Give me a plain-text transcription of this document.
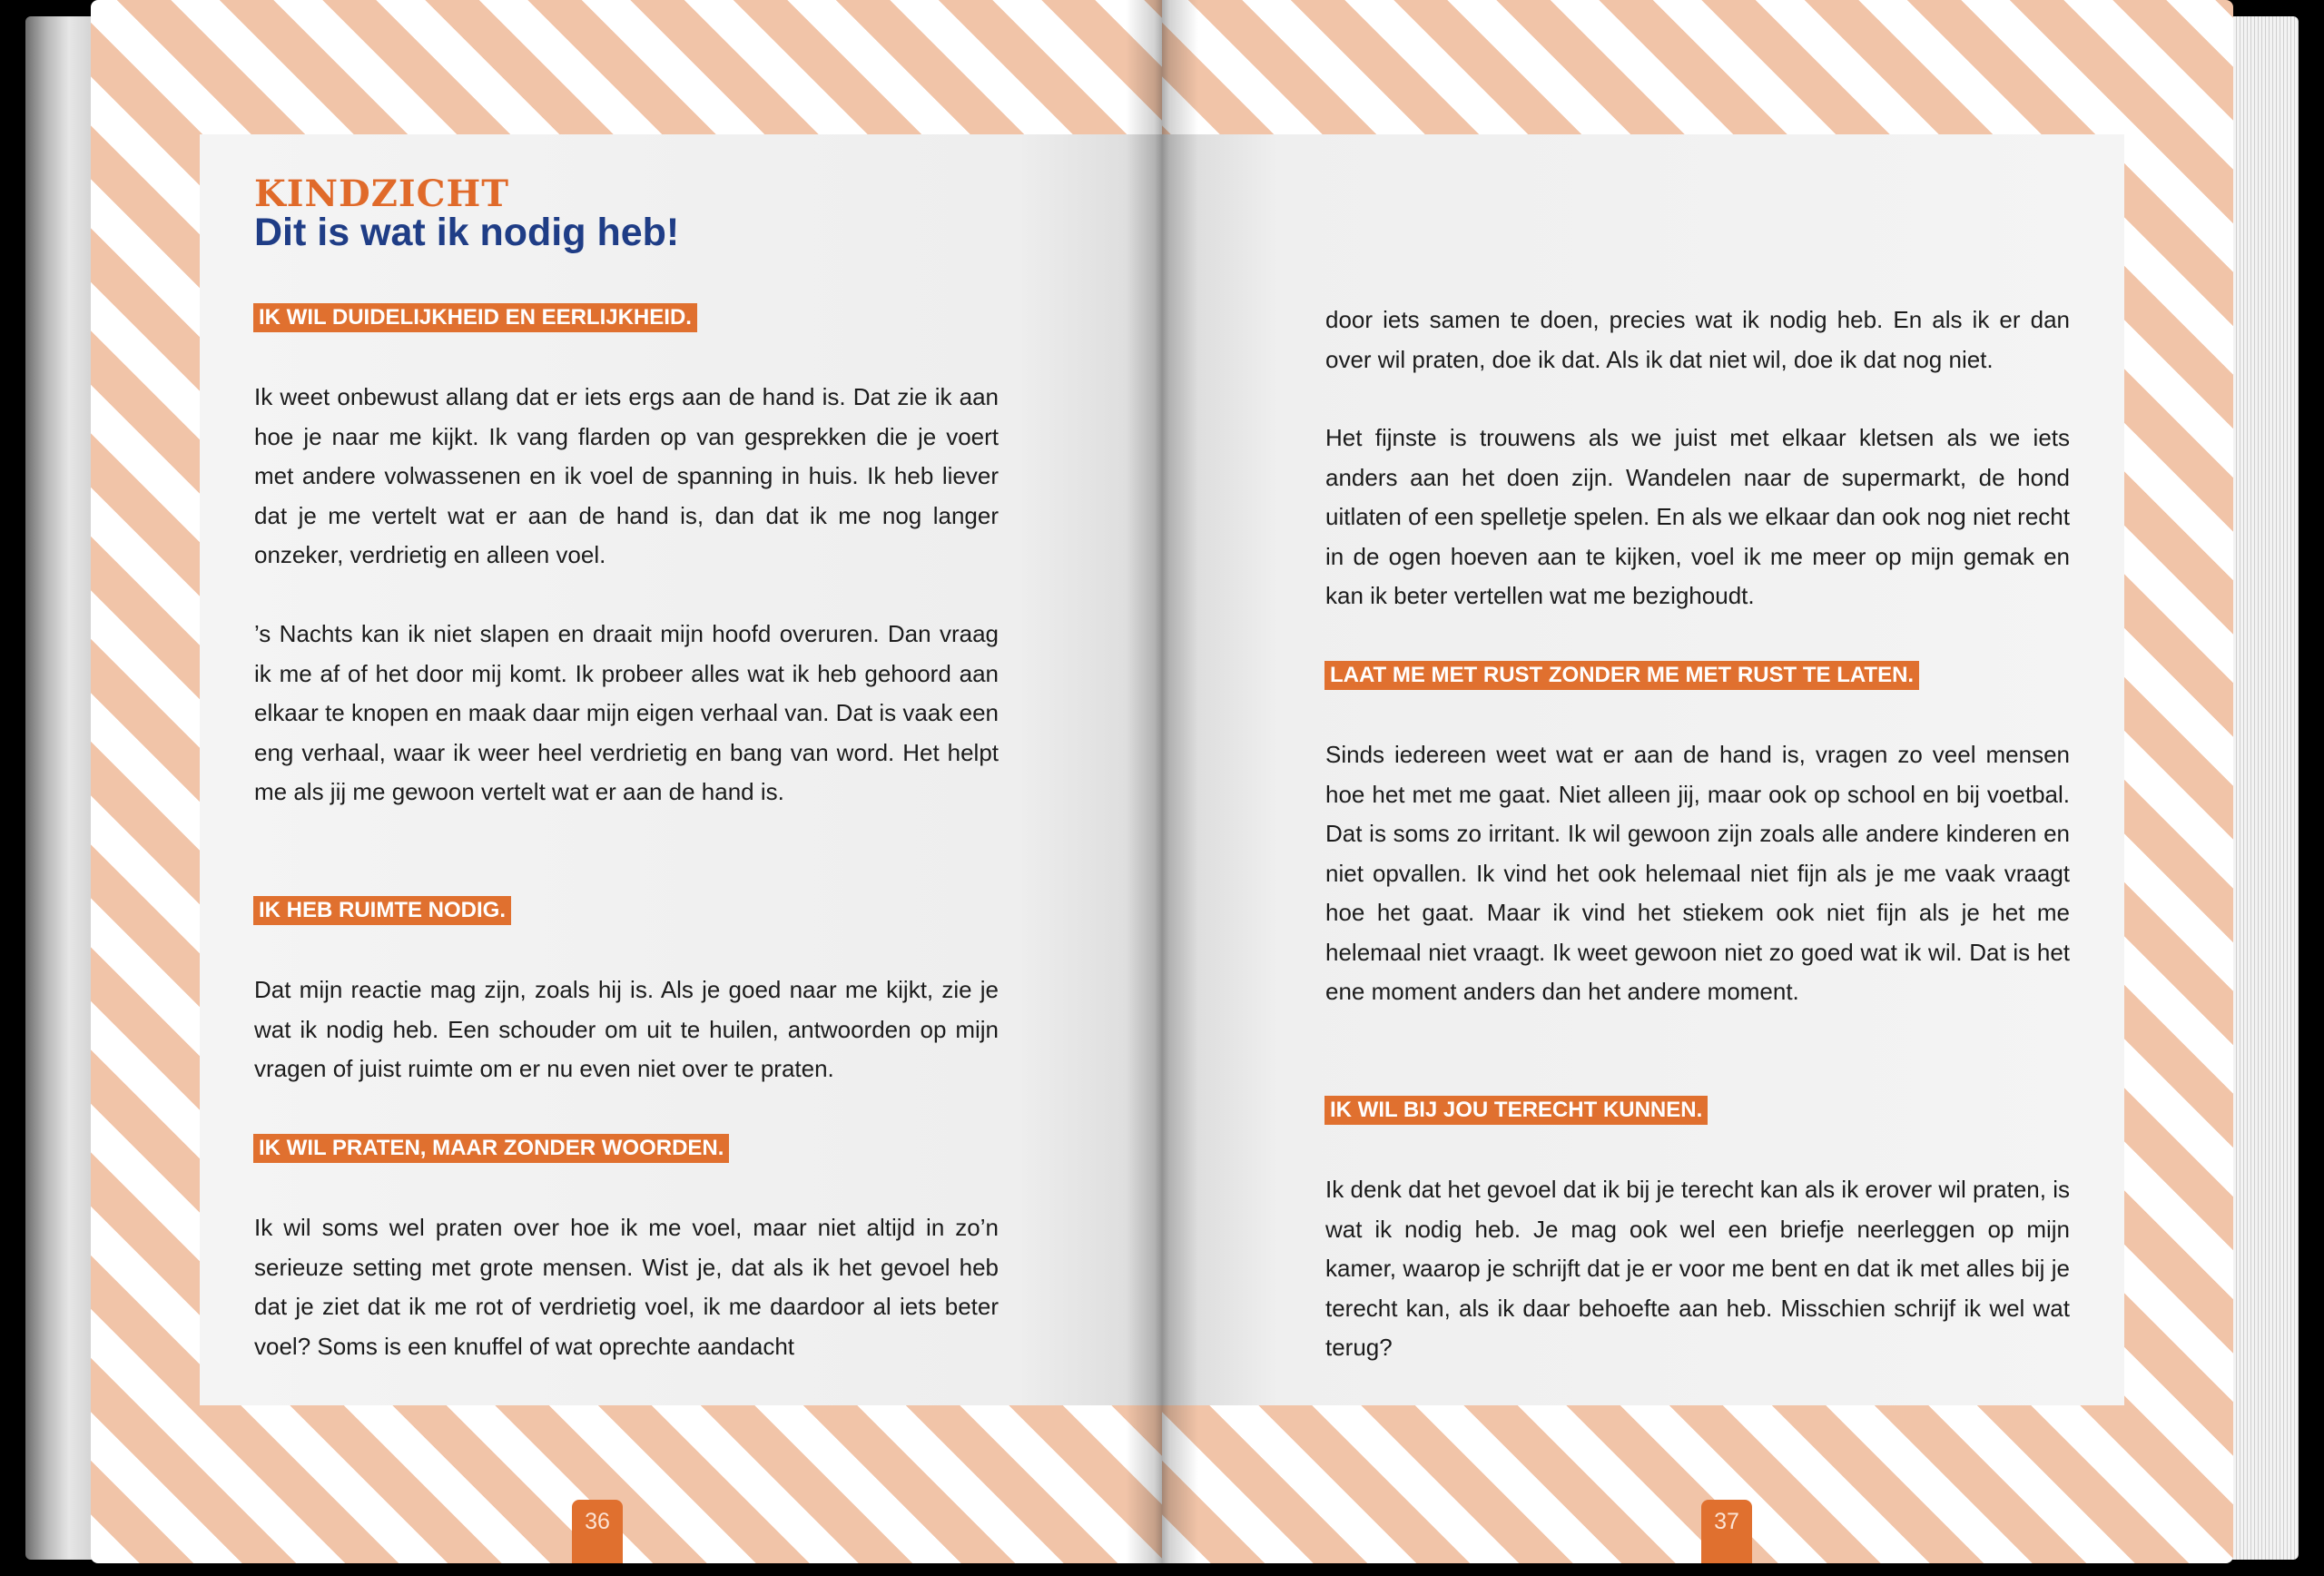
36	37
KINDZICHT
Dit is wat ik nodig heb!
IK WIL DUIDELIJKHEID EN EERLIJKHEID.

Ik weet onbewust allang dat er iets ergs aan de hand is. Dat zie ik aan hoe je naar me kijkt. Ik vang flarden op van gesprekken die je voert met andere volwassenen en ik voel de spanning in huis. Ik heb liever dat je me vertelt wat er aan de hand is, dan dat ik me nog langer onzeker, verdrietig en alleen voel.

’s Nachts kan ik niet slapen en draait mijn hoofd overuren. Dan vraag ik me af of het door mij komt. Ik probeer alles wat ik heb gehoord aan elkaar te knopen en maak daar mijn eigen verhaal van. Dat is vaak een eng verhaal, waar ik weer heel verdrietig en bang van word. Het helpt me als jij me gewoon vertelt wat er aan de hand is.

IK HEB RUIMTE NODIG.

Dat mijn reactie mag zijn, zoals hij is. Als je goed naar me kijkt, zie je wat ik nodig heb. Een schouder om uit te huilen, antwoorden op mijn vragen of juist ruimte om er nu even niet over te praten.

IK WIL PRATEN, MAAR ZONDER WOORDEN.

Ik wil soms wel praten over hoe ik me voel, maar niet altijd in zo’n serieuze setting met grote mensen. Wist je, dat als ik het gevoel heb dat je ziet dat ik me rot of verdrietig voel, ik me daardoor al iets beter voel? Soms is een knuffel of wat oprechte aandacht

door iets samen te doen, precies wat ik nodig heb. En als ik er dan over wil praten, doe ik dat. Als ik dat niet wil, doe ik dat nog niet.

Het fijnste is trouwens als we juist met elkaar kletsen als we iets anders aan het doen zijn. Wandelen naar de supermarkt, de hond uitlaten of een spelletje spelen. En als we elkaar dan ook nog niet recht in de ogen hoeven aan te kijken, voel ik me meer op mijn gemak en kan ik beter vertellen wat me bezighoudt.

LAAT ME MET RUST ZONDER ME MET RUST TE LATEN.

Sinds iedereen weet wat er aan de hand is, vragen zo veel mensen hoe het met me gaat. Niet alleen jij, maar ook op school en bij voetbal. Dat is soms zo irritant. Ik wil gewoon zijn zoals alle andere kinderen en niet opvallen. Ik vind het ook helemaal niet fijn als je me vaak vraagt hoe het gaat. Maar ik vind het stiekem ook niet fijn als je het me helemaal niet vraagt. Ik weet gewoon niet zo goed wat ik wil. Dat is het ene moment anders dan het andere moment.

IK WIL BIJ JOU TERECHT KUNNEN.

Ik denk dat het gevoel dat ik bij je terecht kan als ik erover wil praten, is wat ik nodig heb. Je mag ook wel een briefje neerleggen op mijn kamer, waarop je schrijft dat je er voor me bent en dat ik met alles bij je terecht kan, als ik daar behoefte aan heb. Misschien schrijf ik wel wat terug?
